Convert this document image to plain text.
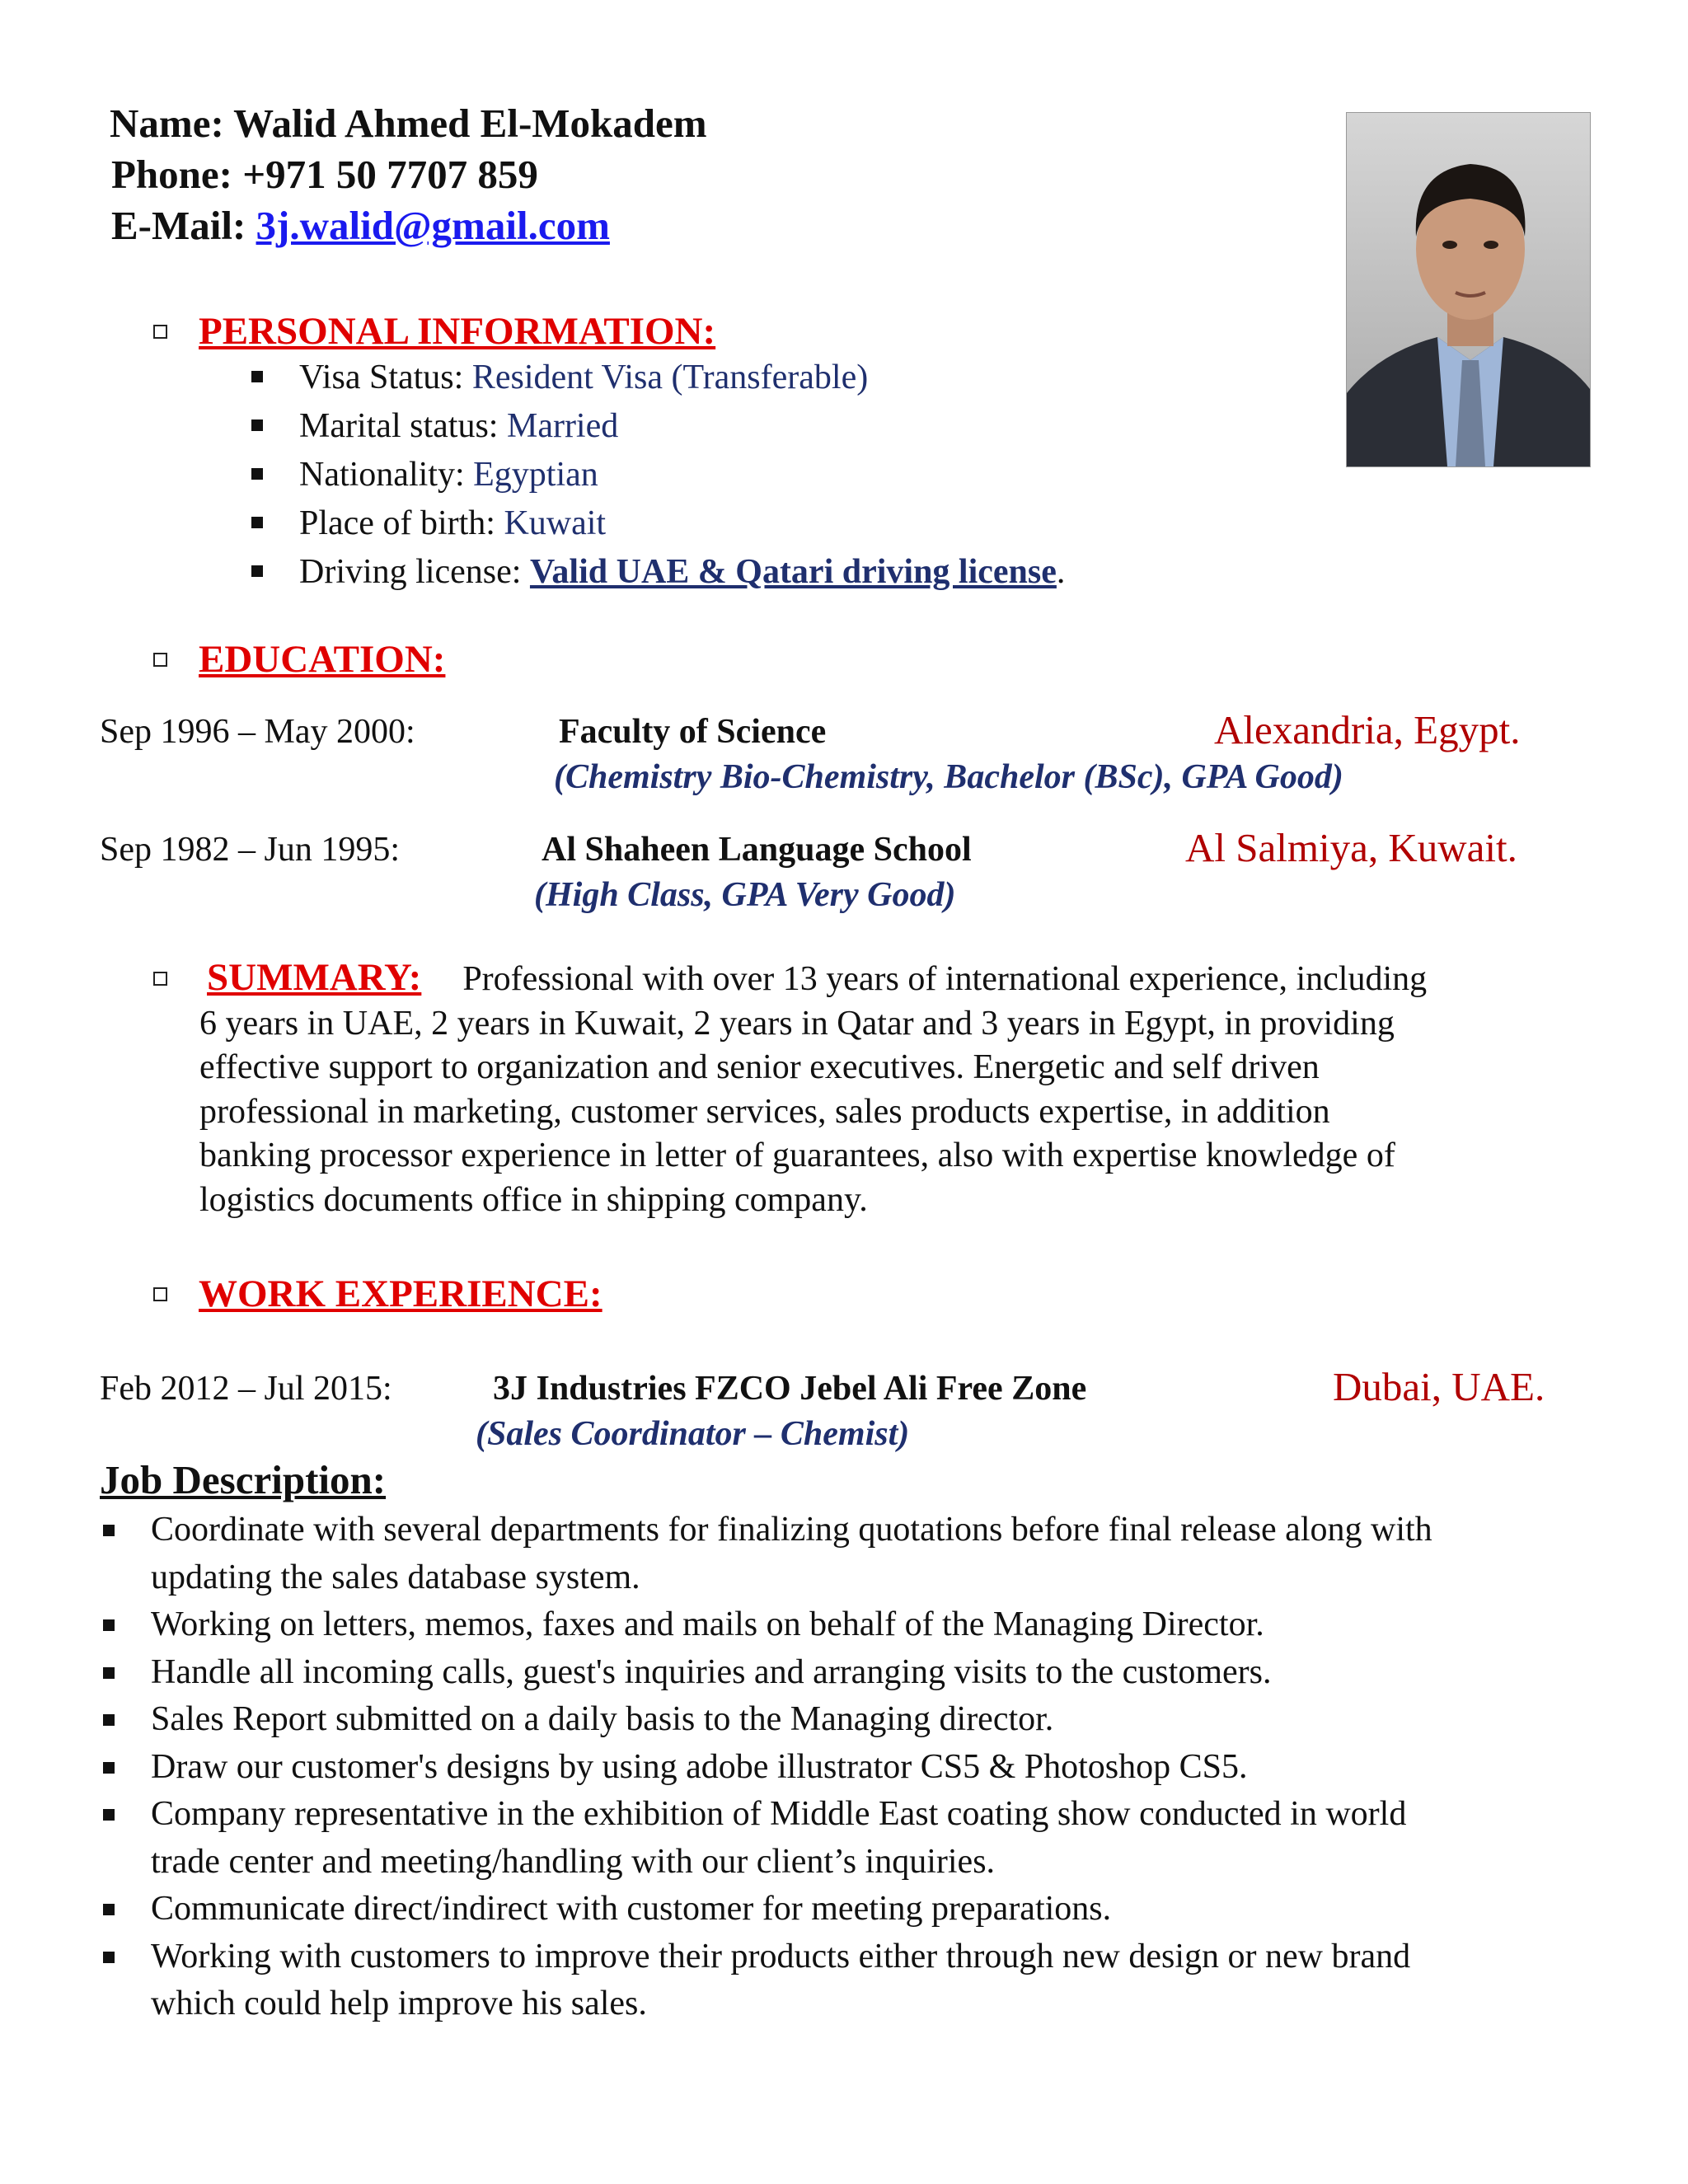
Name: Walid Ahmed El-Mokadem
Phone: +971 50 7707 859
E-Mail: 3j.walid@gmail.com
PERSONAL INFORMATION:
Visa Status: Resident Visa (Transferable)
Marital status: Married
Nationality: Egyptian
Place of birth: Kuwait
Driving license: Valid UAE & Qatari driving license.
EDUCATION:
Sep 1996 – May 2000:	Faculty of Science	Alexandria, Egypt.
(Chemistry Bio-Chemistry, Bachelor (BSc), GPA Good)
Sep 1982 – Jun 1995:	Al Shaheen Language School	Al Salmiya, Kuwait.
(High Class, GPA Very Good)
SUMMARY: Professional with over 13 years of international experience, including
6 years in UAE, 2 years in Kuwait, 2 years in Qatar and 3 years in Egypt, in providing
effective support to organization and senior executives. Energetic and self driven
professional in marketing, customer services, sales products expertise, in addition
banking processor experience in letter of guarantees, also with expertise knowledge of
logistics documents office in shipping company.
WORK EXPERIENCE:
Feb 2012 – Jul 2015:	3J Industries FZCO Jebel Ali Free Zone	Dubai, UAE.
(Sales Coordinator – Chemist)
Job Description:
Coordinate with several departments for finalizing quotations before final release along with
updating the sales database system.
Working on letters, memos, faxes and mails on behalf of the Managing Director.
Handle all incoming calls, guest's inquiries and arranging visits to the customers.
Sales Report submitted on a daily basis to the Managing director.
Draw our customer's designs by using adobe illustrator CS5 & Photoshop CS5.
Company representative in the exhibition of Middle East coating show conducted in world
trade center and meeting/handling with our client’s inquiries.
Communicate direct/indirect with customer for meeting preparations.
Working with customers to improve their products either through new design or new brand
which could help improve his sales.
